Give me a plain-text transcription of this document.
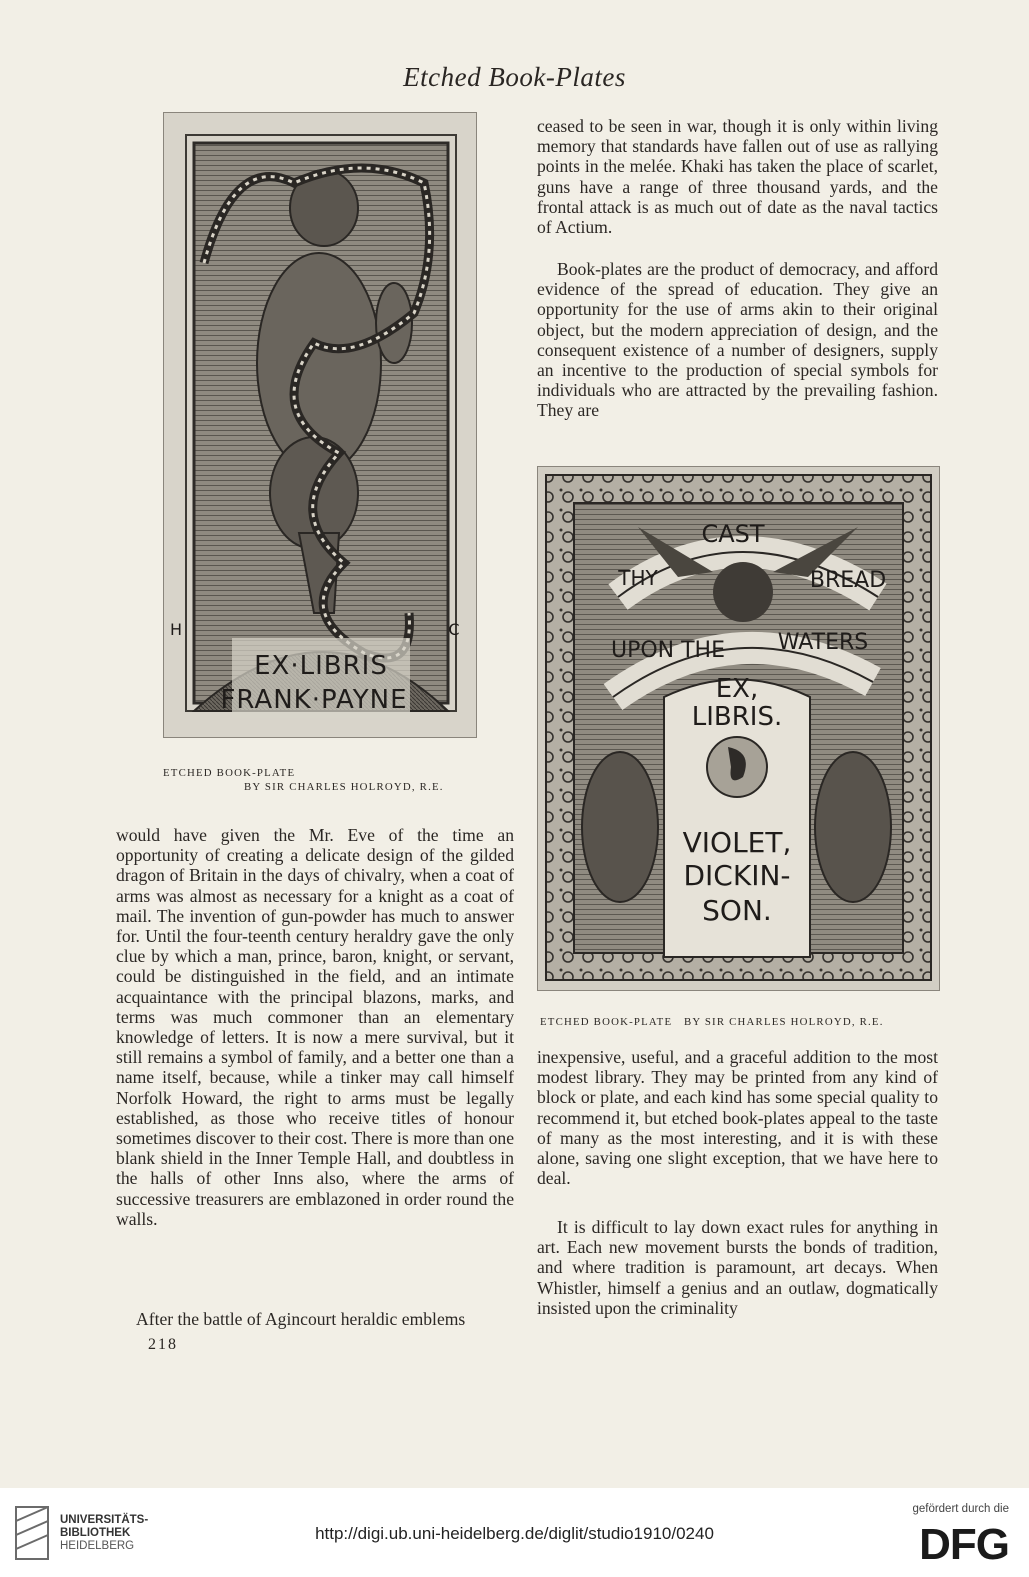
Etched Book-Plates
H	C
EX·LIBRIS
FRANK·PAYNE
ETCHED BOOK-PLATE
BY SIR CHARLES HOLROYD, R.E.

ceased to be seen in war, though it is only within living memory that standards have fallen out of use as rallying points in the melée. Khaki has taken the place of scarlet, guns have a range of three thousand yards, and the frontal attack is as much out of date as the naval tactics of Actium.

Book-plates are the product of democracy, and afford evidence of the spread of education. They give an opportunity for the use of arms akin to their original object, but the modern appreciation of design, and the consequent existence of a number of designers, supply an incentive to the production of special symbols for individuals who are attracted by the prevailing fashion. They are

CAST
THY	BREAD
UPON THE WATERS
EX,
LIBRIS.
VIOLET,
DICKIN-
SON.
ETCHED BOOK-PLATE   BY SIR CHARLES HOLROYD, R.E.

would have given the Mr. Eve of the time an opportunity of creating a delicate design of the gilded dragon of Britain in the days of chivalry, when a coat of arms was almost as necessary for a knight as a coat of mail. The invention of gun-powder has much to answer for. Until the four-teenth century heraldry gave the only clue by which a man, prince, baron, knight, or servant, could be distinguished in the field, and an intimate acquaintance with the principal blazons, marks, and terms was much commoner than an elementary knowledge of letters. It is now a mere survival, but it still remains a symbol of family, and a better one than a name itself, because, while a tinker may call himself Norfolk Howard, the right to arms must be legally established, as those who receive titles of honour sometimes discover to their cost. There is more than one blank shield in the Inner Temple Hall, and doubtless in the halls of other Inns also, where the arms of successive treasurers are emblazoned in order round the walls.

After the battle of Agincourt heraldic emblems

inexpensive, useful, and a graceful addition to the most modest library. They may be printed from any kind of block or plate, and each kind has some special quality to recommend it, but etched book-plates appeal to the taste of many as the most interesting, and it is with these alone, saving one slight exception, that we have here to deal.

It is difficult to lay down exact rules for anything in art. Each new movement bursts the bonds of tradition, and where tradition is paramount, art decays. When Whistler, himself a genius and an outlaw, dogmatically insisted upon the criminality

218
UNIVERSITÄTS-
BIBLIOTHEK
HEIDELBERG
http://digi.ub.uni-heidelberg.de/diglit/studio1910/0240
gefördert durch die
DFG
